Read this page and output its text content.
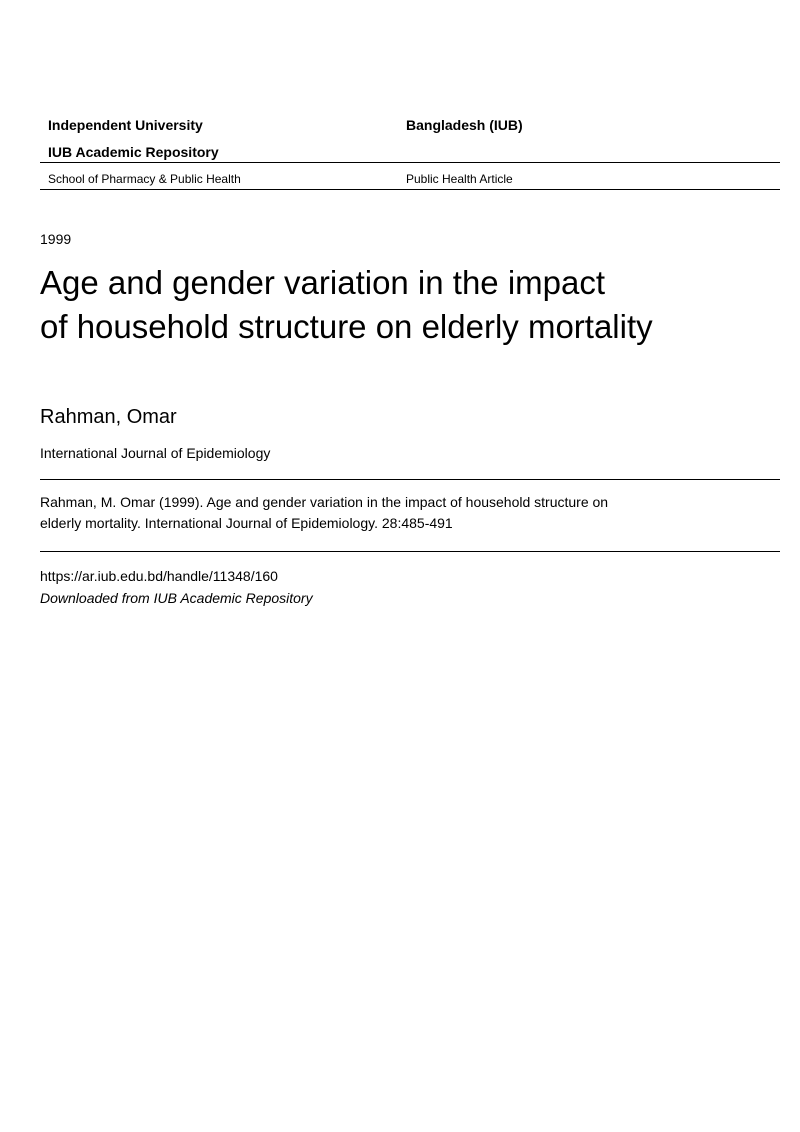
Independent University	Bangladesh (IUB)
IUB Academic Repository
School of Pharmacy & Public Health	Public Health Article
1999
Age and gender variation in the impact
of household structure on elderly mortality
Rahman, Omar
International Journal of Epidemiology
Rahman, M. Omar (1999). Age and gender variation in the impact of household structure on
elderly mortality. International Journal of Epidemiology. 28:485-491
https://ar.iub.edu.bd/handle/11348/160
Downloaded from IUB Academic Repository
